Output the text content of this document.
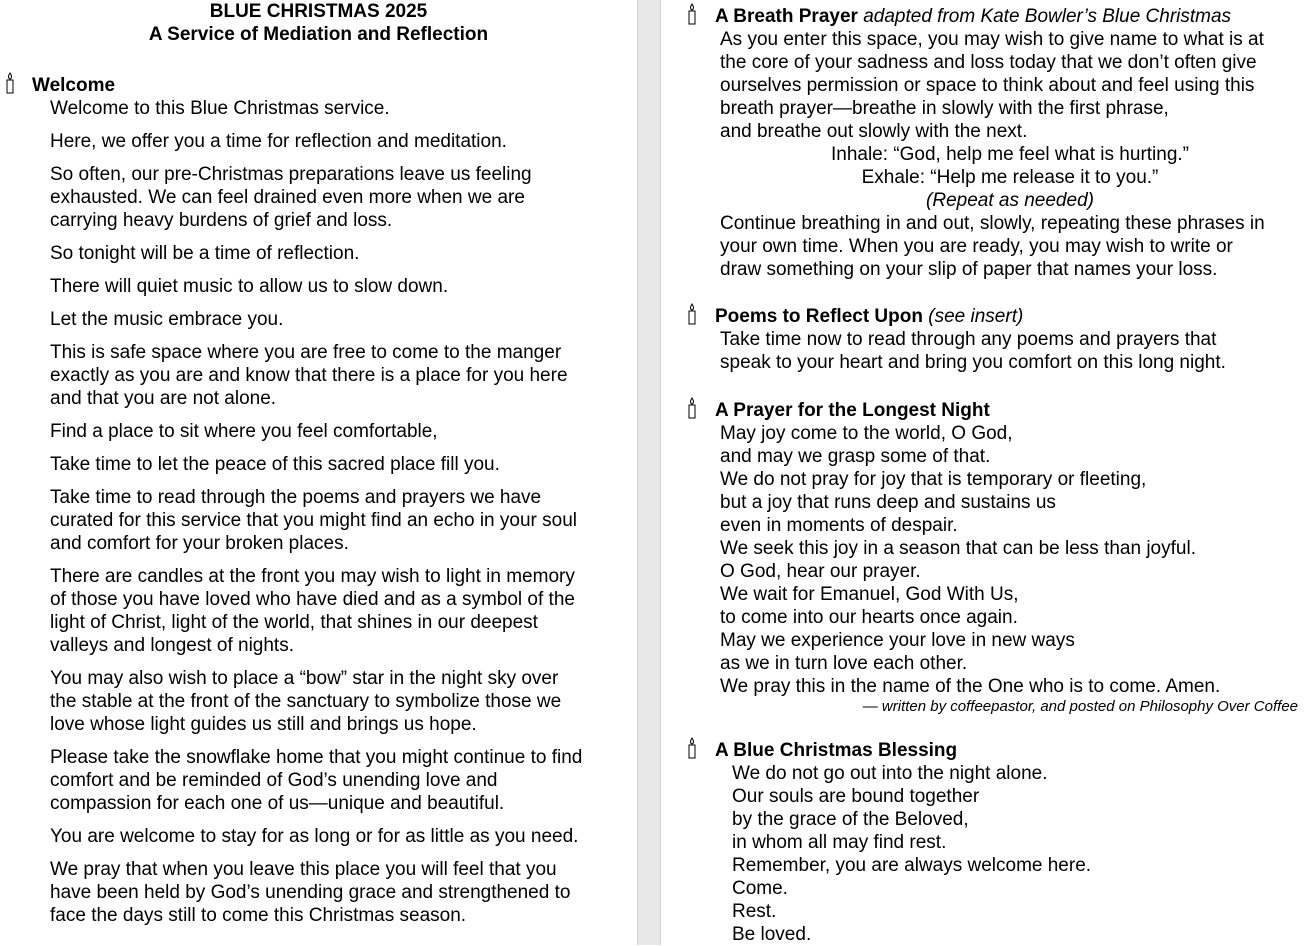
BLUE CHRISTMAS 2025
A Service of Mediation and Reflection
Welcome
Welcome to this Blue Christmas service.
Here, we offer you a time for reflection and meditation.
So often, our pre-Christmas preparations leave us feeling
exhausted. We can feel drained even more when we are
carrying heavy burdens of grief and loss.
So tonight will be a time of reflection.
There will quiet music to allow us to slow down.
Let the music embrace you.
This is safe space where you are free to come to the manger
exactly as you are and know that there is a place for you here
and that you are not alone.
Find a place to sit where you feel comfortable,
Take time to let the peace of this sacred place fill you.
Take time to read through the poems and prayers we have
curated for this service that you might find an echo in your soul
and comfort for your broken places.
There are candles at the front you may wish to light in memory
of those you have loved who have died and as a symbol of the
light of Christ, light of the world, that shines in our deepest
valleys and longest of nights.
You may also wish to place a “bow” star in the night sky over
the stable at the front of the sanctuary to symbolize those we
love whose light guides us still and brings us hope.
Please take the snowflake home that you might continue to find
comfort and be reminded of God’s unending love and
compassion for each one of us—unique and beautiful.
You are welcome to stay for as long or for as little as you need.
We pray that when you leave this place you will feel that you
have been held by God’s unending grace and strengthened to
face the days still to come this Christmas season.
A Breath Prayer adapted from Kate Bowler’s Blue Christmas
As you enter this space, you may wish to give name to what is at
the core of your sadness and loss today that we don’t often give
ourselves permission or space to think about and feel using this
breath prayer—breathe in slowly with the first phrase,
and breathe out slowly with the next.
Inhale: “God, help me feel what is hurting.”
Exhale: “Help me release it to you.”
(Repeat as needed)
Continue breathing in and out, slowly, repeating these phrases in
your own time. When you are ready, you may wish to write or
draw something on your slip of paper that names your loss.
Poems to Reflect Upon (see insert)
Take time now to read through any poems and prayers that
speak to your heart and bring you comfort on this long night.
A Prayer for the Longest Night
May joy come to the world, O God,
and may we grasp some of that.
We do not pray for joy that is temporary or fleeting,
but a joy that runs deep and sustains us
even in moments of despair.
We seek this joy in a season that can be less than joyful.
O God, hear our prayer.
We wait for Emanuel, God With Us,
to come into our hearts once again.
May we experience your love in new ways
as we in turn love each other.
We pray this in the name of the One who is to come. Amen.
— written by coffeepastor, and posted on Philosophy Over Coffee
A Blue Christmas Blessing
We do not go out into the night alone.
Our souls are bound together
by the grace of the Beloved,
in whom all may find rest.
Remember, you are always welcome here.
Come.
Rest.
Be loved.
